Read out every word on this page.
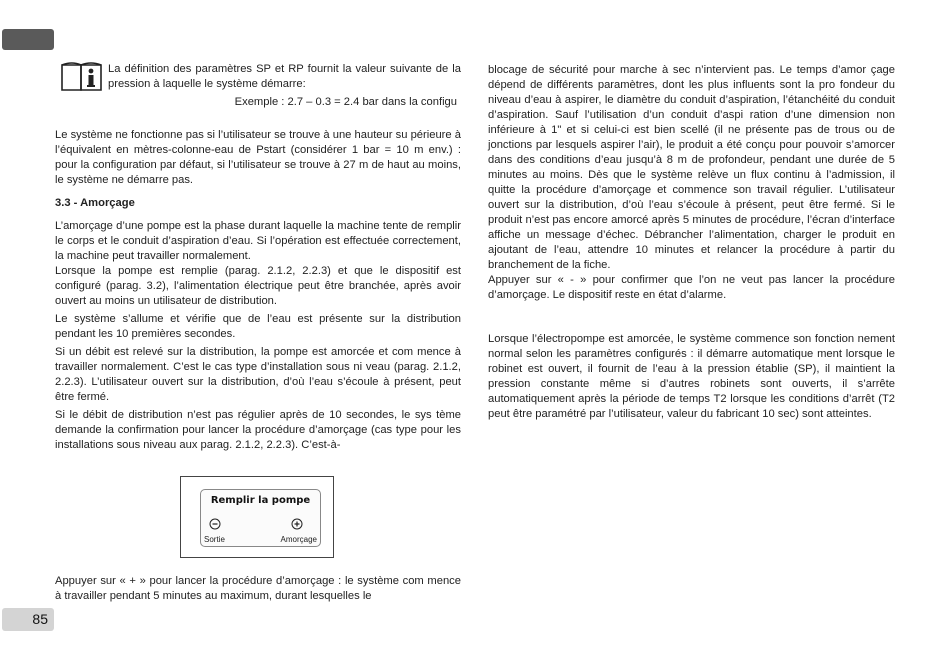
85

La définition des paramètres SP et RP fournit la valeur suivante de la pression à laquelle le système démarre:

Exemple : 2.7 – 0.3 = 2.4 bar dans la configu

Le système ne fonctionne pas si l’utilisateur se trouve à une hauteur su périeure à l’équivalent en mètres-colonne-eau de Pstart (considérer 1 bar = 10 m env.) : pour la configuration par défaut, si l’utilisateur se trouve à 27 m de haut au moins, le système ne démarre pas.

3.3 - Amorçage

L’amorçage d’une pompe est la phase durant laquelle la machine tente de remplir le corps et le conduit d’aspiration d’eau. Si l’opération est effectuée correctement, la machine peut travailler normalement.

Lorsque la pompe est remplie (parag. 2.1.2, 2.2.3) et que le dispositif est configuré (parag. 3.2), l’alimentation électrique peut être branchée, après avoir ouvert au moins un utilisateur de distribution.

Le système s’allume et vérifie que de l’eau est présente sur la distribution pendant les 10 premières secondes.

Si un débit est relevé sur la distribution, la pompe est amorcée et com mence à travailler normalement. C’est le cas type d’installation sous ni veau (parag. 2.1.2, 2.2.3). L’utilisateur ouvert sur la distribution, d’où l’eau s’écoule à présent, peut être fermé.

Si le débit de distribution n’est pas régulier après de 10 secondes, le sys tème demande la confirmation pour lancer la procédure d’amorçage (cas type pour les installations sous niveau aux parag. 2.1.2, 2.2.3). C’est-à-

Remplir la pompe
Sortie	Amorçage

Appuyer sur « + » pour lancer la procédure d’amorçage : le système com mence à travailler pendant 5 minutes au maximum, durant lesquelles le

blocage de sécurité pour marche à sec n’intervient pas. Le temps d’amor çage dépend de différents paramètres, dont les plus influents sont la pro fondeur du niveau d’eau à aspirer, le diamètre du conduit d’aspiration, l’étanchéité du conduit d’aspiration. Sauf l’utilisation d’un conduit d’aspi ration d’une dimension non inférieure à 1" et si celui-ci est bien scellé (il ne présente pas de trous ou de jonctions par lesquels aspirer l’air), le produit a été conçu pour pouvoir s’amorcer dans des conditions d’eau jusqu’à 8 m de profondeur, pendant une durée de 5 minutes au moins. Dès que le système relève un flux continu à l’admission, il quitte la procédure d’amorçage et commence son travail régulier. L’utilisateur ouvert sur la distribution, d’où l’eau s’écoule à présent, peut être fermé. Si le produit n’est pas encore amorcé après 5 minutes de procédure, l’écran d’interface affiche un message d’échec. Débrancher l’alimentation, charger le produit en ajoutant de l’eau, attendre 10 minutes et relancer la procédure à partir du branchement de la fiche.

Appuyer sur « - » pour confirmer que l’on ne veut pas lancer la procédure d’amorçage. Le dispositif reste en état d’alarme.

Lorsque l’électropompe est amorcée, le système commence son fonction nement normal selon les paramètres configurés : il démarre automatique ment lorsque le robinet est ouvert, il fournit de l’eau à la pression établie (SP), il maintient la pression constante même si d’autres robinets sont ouverts, il s’arrête automatiquement après la période de temps T2 lorsque les conditions d’arrêt (T2 peut être paramétré par l’utilisateur, valeur du fabricant 10 sec) sont atteintes.
